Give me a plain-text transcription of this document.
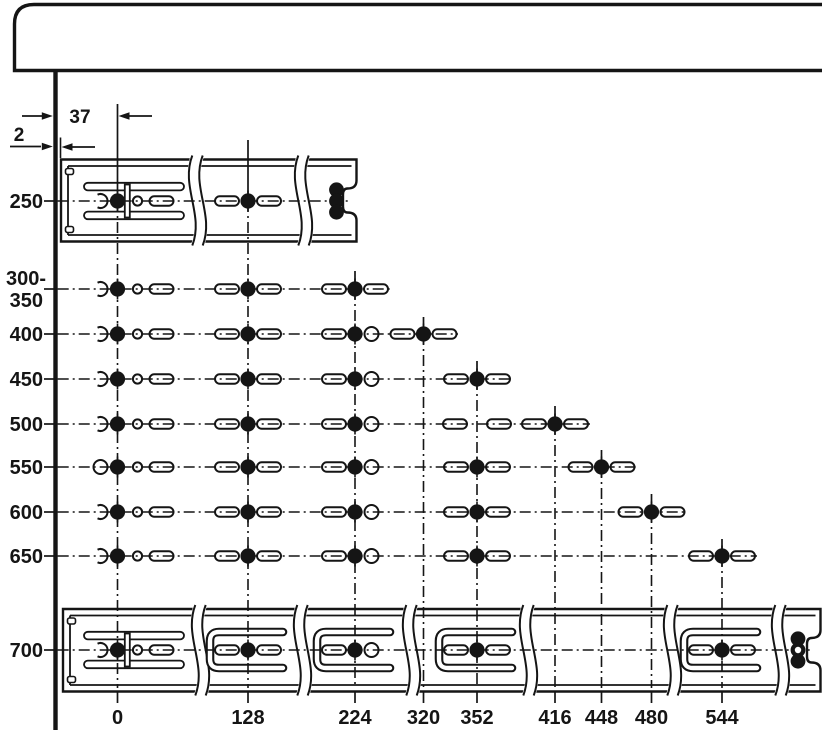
37
2
250
300-
350
400
450
500
550
600
650
700
0	128	224 320 352 416 448 480 544
